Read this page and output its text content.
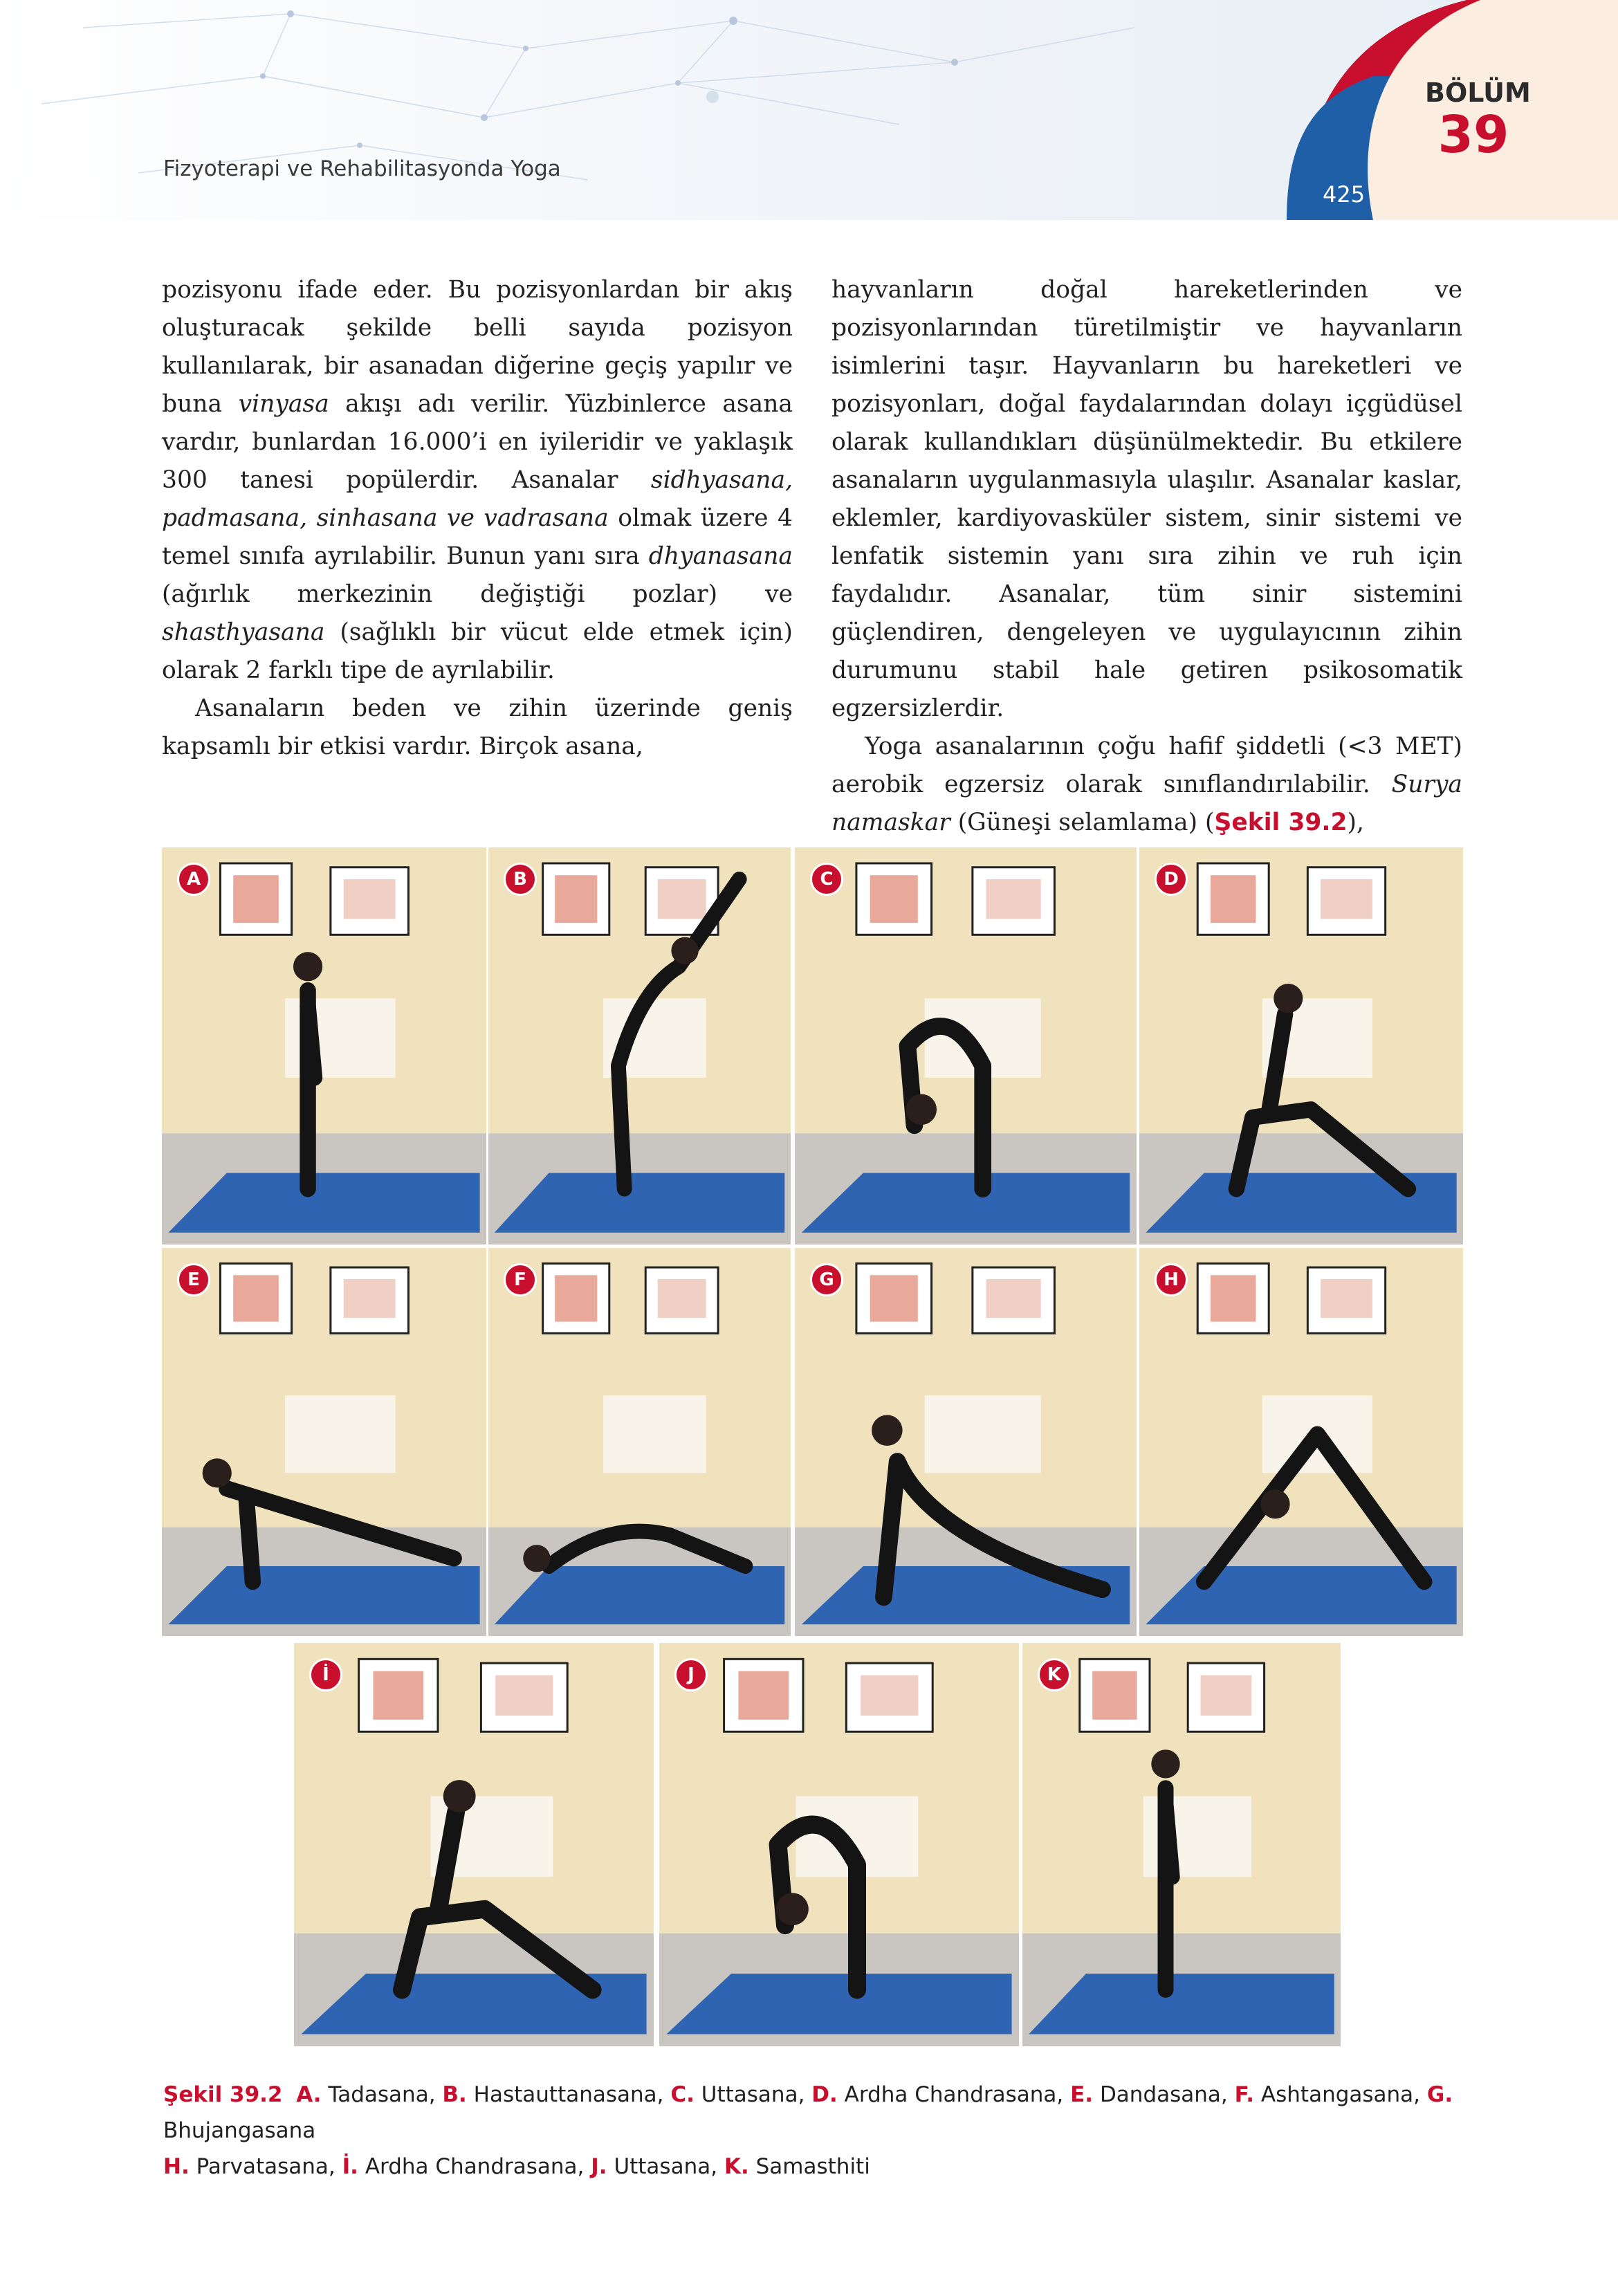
Fizyoterapi ve Rehabilitasyonda Yoga
BÖLÜM
39
425

pozisyonu ifade eder. Bu pozisyonlardan bir akış oluşturacak şekilde belli sayıda pozisyon kullanılarak, bir asanadan diğerine geçiş yapılır ve buna vinyasa akışı adı verilir. Yüzbinlerce asana vardır, bunlardan 16.000’i en iyileridir ve yaklaşık 300 tanesi popülerdir. Asanalar sidhyasana, padmasana, sinhasana ve vadrasana olmak üzere 4 temel sınıfa ayrılabilir. Bunun yanı sıra dhyanasana (ağırlık merkezinin değiştiği pozlar) ve shasthyasana (sağlıklı bir vücut elde etmek için) olarak 2 farklı tipe de ayrılabilir.

Asanaların beden ve zihin üzerinde geniş kapsamlı bir etkisi vardır. Birçok asana,

hayvanların doğal hareketlerinden ve pozisyonlarından türetilmiştir ve hayvanların isimlerini taşır. Hayvanların bu hareketleri ve pozisyonları, doğal faydalarından dolayı içgüdüsel olarak kullandıkları düşünülmektedir. Bu etkilere asanaların uygulanmasıyla ulaşılır. Asanalar kaslar, eklemler, kardiyovasküler sistem, sinir sistemi ve lenfatik sistemin yanı sıra zihin ve ruh için faydalıdır. Asanalar, tüm sinir sistemini güçlendiren, dengeleyen ve uygulayıcının zihin durumunu stabil hale getiren psikosomatik egzersizlerdir.

Yoga asanalarının çoğu hafif şiddetli (<3 MET) aerobik egzersiz olarak sınıflandırılabilir. Surya namaskar (Güneşi selamlama) (Şekil 39.2),

A	B	C	D
E	F	G	H
İ	J	K
Şekil 39.2 A. Tadasana, B. Hastauttanasana, C. Uttasana, D. Ardha Chandrasana, E. Dandasana, F. Ashtangasana, G. Bhujangasana
H. Parvatasana, İ. Ardha Chandrasana, J. Uttasana, K. Samasthiti
